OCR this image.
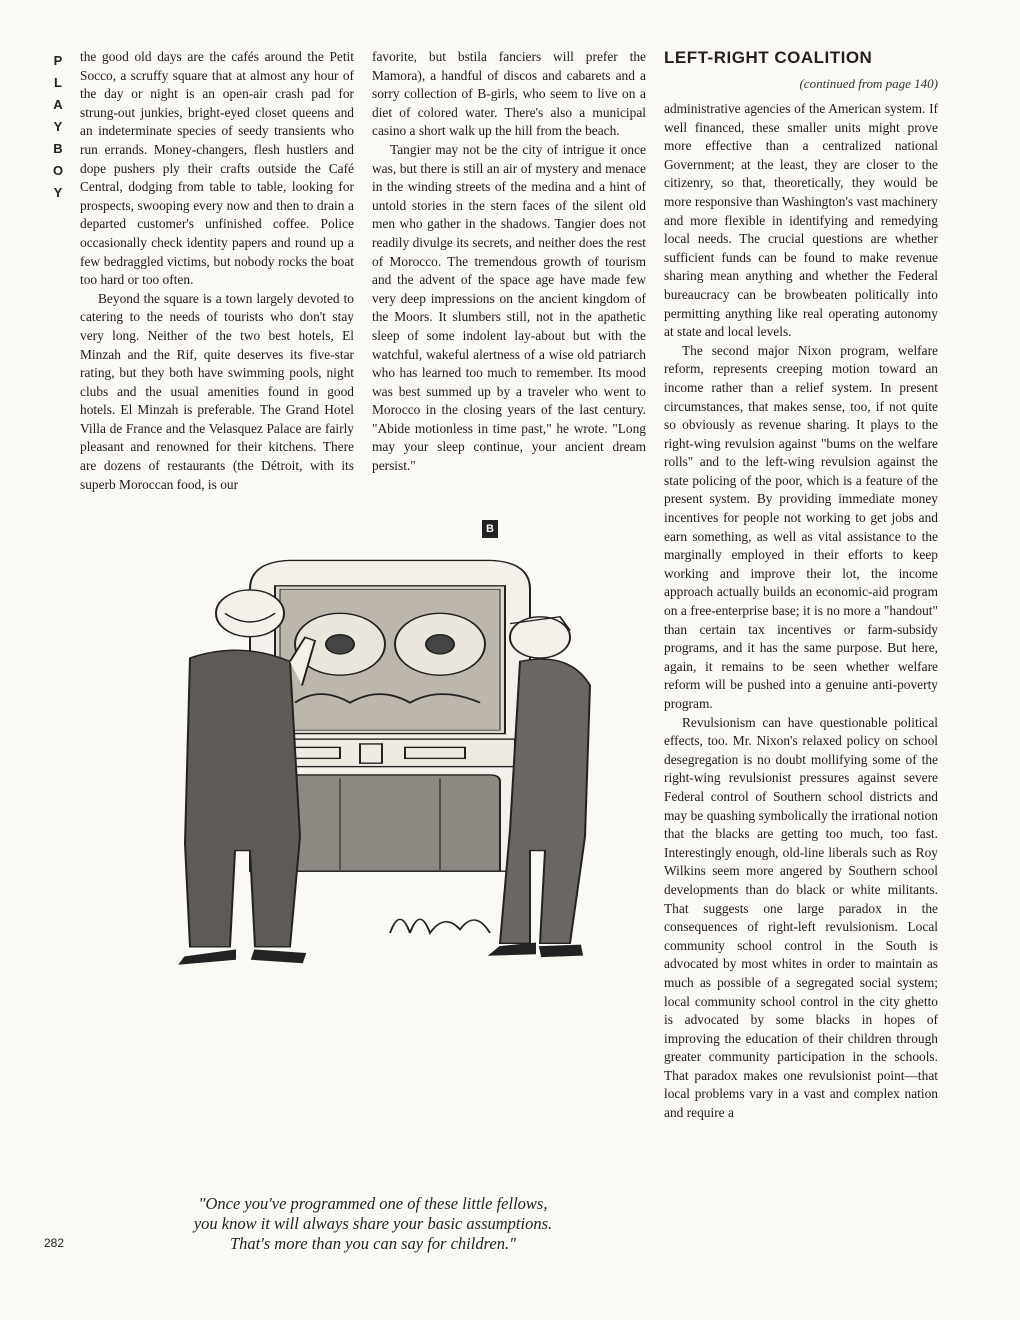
P
L
A
Y
B
O
Y

the good old days are the cafés around the Petit Socco, a scruffy square that at almost any hour of the day or night is an open-air crash pad for strung-out junkies, bright-eyed closet queens and an indeterminate species of seedy transients who run errands. Money-changers, flesh hustlers and dope pushers ply their crafts outside the Café Central, dodging from table to table, looking for prospects, swooping every now and then to drain a departed customer's unfinished coffee. Police occasionally check identity papers and round up a few bedraggled victims, but nobody rocks the boat too hard or too often.

Beyond the square is a town largely devoted to catering to the needs of tourists who don't stay very long. Neither of the two best hotels, El Minzah and the Rif, quite deserves its five-star rating, but they both have swimming pools, night clubs and the usual amenities found in good hotels. El Minzah is preferable. The Grand Hotel Villa de France and the Velasquez Palace are fairly pleasant and renowned for their kitchens. There are dozens of restaurants (the Détroit, with its superb Moroccan food, is our

favorite, but bstila fanciers will prefer the Mamora), a handful of discos and cabarets and a sorry collection of B-girls, who seem to live on a diet of colored water. There's also a municipal casino a short walk up the hill from the beach.

Tangier may not be the city of intrigue it once was, but there is still an air of mystery and menace in the winding streets of the medina and a hint of untold stories in the stern faces of the silent old men who gather in the shadows. Tangier does not readily divulge its secrets, and neither does the rest of Morocco. The tremendous growth of tourism and the advent of the space age have made few very deep impressions on the ancient kingdom of the Moors. It slumbers still, not in the apathetic sleep of some indolent lay-about but with the watchful, wakeful alertness of a wise old patriarch who has learned too much to remember. Its mood was best summed up by a traveler who went to Morocco in the closing years of the last century. "Abide motionless in time past," he wrote. "Long may your sleep continue, your ancient dream persist."

B
LEFT-RIGHT COALITION
(continued from page 140)

administrative agencies of the American system. If well financed, these smaller units might prove more effective than a centralized national Government; at the least, they are closer to the citizenry, so that, theoretically, they would be more responsive than Washington's vast machinery and more flexible in identifying and remedying local needs. The crucial questions are whether sufficient funds can be found to make revenue sharing mean anything and whether the Federal bureaucracy can be browbeaten politically into permitting anything like real operating autonomy at state and local levels.

The second major Nixon program, welfare reform, represents creeping motion toward an income rather than a relief system. In present circumstances, that makes sense, too, if not quite so obviously as revenue sharing. It plays to the right-wing revulsion against "bums on the welfare rolls" and to the left-wing revulsion against the state policing of the poor, which is a feature of the present system. By providing immediate money incentives for people not working to get jobs and earn something, as well as vital assistance to the marginally employed in their efforts to keep working and improve their lot, the income approach actually builds an economic-aid program on a free-enterprise base; it is no more a "handout" than certain tax incentives or farm-subsidy programs, and it has the same purpose. But here, again, it remains to be seen whether welfare reform will be pushed into a genuine anti-poverty program.

Revulsionism can have questionable political effects, too. Mr. Nixon's relaxed policy on school desegregation is no doubt mollifying some of the right-wing revulsionist pressures against severe Federal control of Southern school districts and may be quashing symbolically the irrational notion that the blacks are getting too much, too fast. Interestingly enough, old-line liberals such as Roy Wilkins seem more angered by Southern school developments than do black or white militants. That suggests one large paradox in the consequences of right-left revulsionism. Local community school control in the South is advocated by most whites in order to maintain as much as possible of a segregated social system; local community school control in the city ghetto is advocated by some blacks in hopes of improving the education of their children through greater community participation in the schools. That paradox makes one revulsionist point—that local problems vary in a vast and complex nation and require a

"Once you've programmed one of these little fellows,
you know it will always share your basic assumptions.
That's more than you can say for children."
282
